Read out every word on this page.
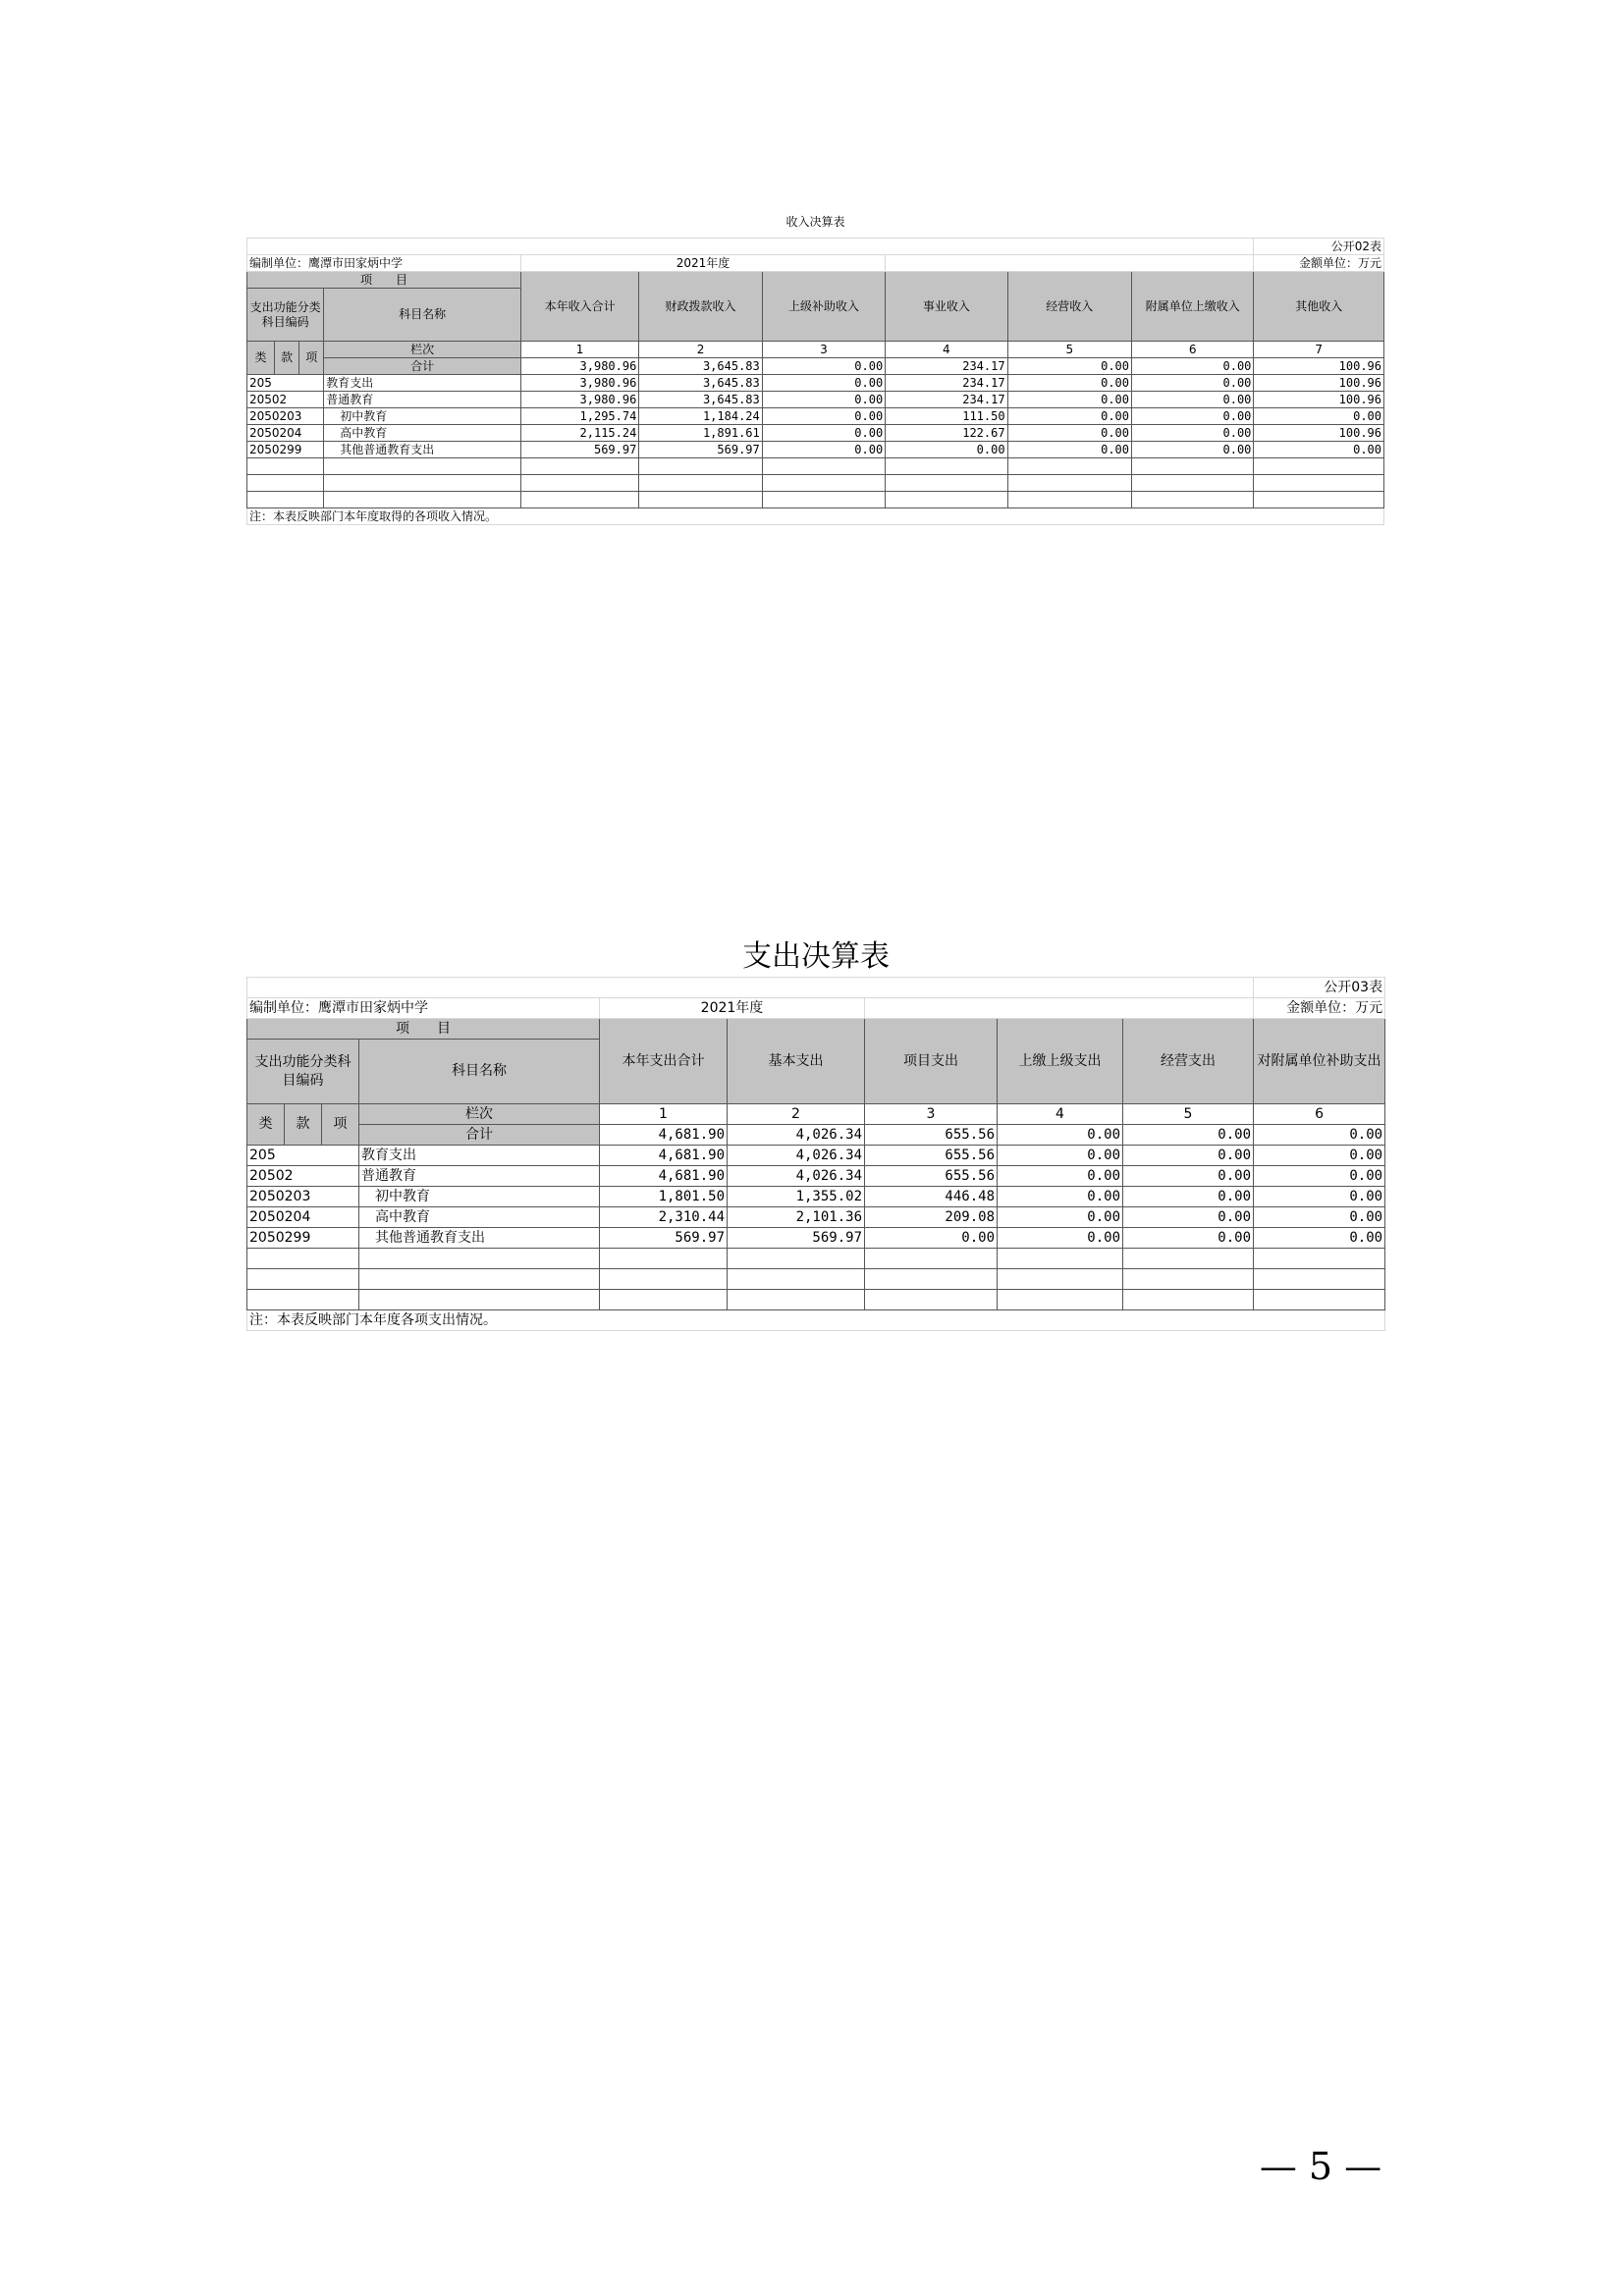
收入决算表										
										公开02表
编制单位：鹰潭市田家炳中学				2021年度						金额单位：万元
项　　目				本年收入合计	财政拨款收入	上级补助收入	事业收入	经营收入	附属单位上缴收入	其他收入
支出功能分类科目编码			科目名称							

类	款	项	栏次	1	2	3	4	5	6	7
			合计	3,980.96	3,645.83	0.00	234.17	0.00	0.00	100.96
205			教育支出	3,980.96	3,645.83	0.00	234.17	0.00	0.00	100.96
20502			普通教育	3,980.96	3,645.83	0.00	234.17	0.00	0.00	100.96
2050203			初中教育	1,295.74	1,184.24	0.00	111.50	0.00	0.00	0.00
2050204			高中教育	2,115.24	1,891.61	0.00	122.67	0.00	0.00	100.96
2050299			其他普通教育支出	569.97	569.97	0.00	0.00	0.00	0.00	0.00

注：本表反映部门本年度取得的各项收入情况。										
支出决算表									
									公开03表
编制单位：鹰潭市田家炳中学				2021年度					金额单位：万元
项　　目				本年支出合计	基本支出	项目支出	上缴上级支出	经营支出	对附属单位补助支出
支出功能分类科目编码			科目名称						

类	款	项	栏次	1	2	3	4	5	6
			合计	4,681.90	4,026.34	655.56	0.00	0.00	0.00
205			教育支出	4,681.90	4,026.34	655.56	0.00	0.00	0.00
20502			普通教育	4,681.90	4,026.34	655.56	0.00	0.00	0.00
2050203			初中教育	1,801.50	1,355.02	446.48	0.00	0.00	0.00
2050204			高中教育	2,310.44	2,101.36	209.08	0.00	0.00	0.00
2050299			其他普通教育支出	569.97	569.97	0.00	0.00	0.00	0.00

注：本表反映部门本年度各项支出情况。									
— 5 —
